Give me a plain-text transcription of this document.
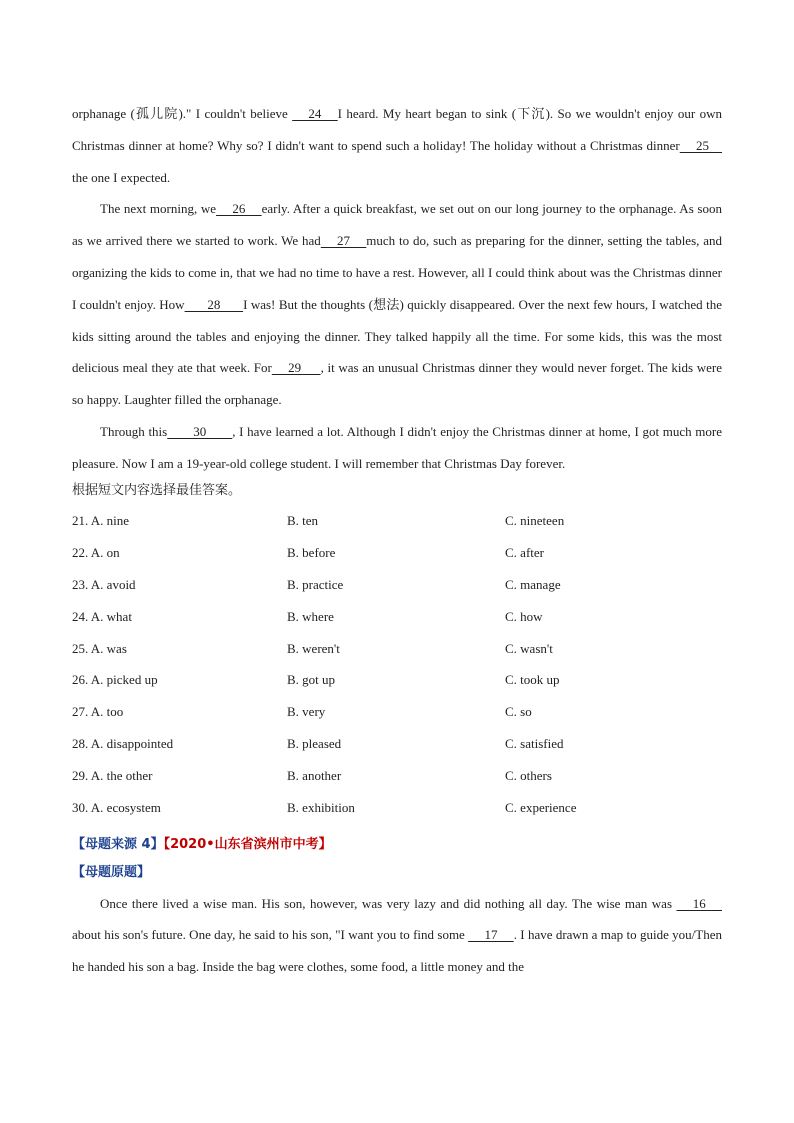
orphanage (孤儿院)." I couldn't believe      24     I heard. My heart began to sink (下沉). So we wouldn't enjoy our own Christmas dinner at home? Why so? I didn't want to spend such a holiday! The holiday without a Christmas dinner     25    the one I expected.

The next morning, we     26     early. After a quick breakfast, we set out on our long journey to the orphanage. As soon as we arrived there we started to work. We had     27     much to do, such as preparing for the dinner, setting the tables, and organizing the kids to come in, that we had no time to have a rest. However, all I could think about was the Christmas dinner I couldn't enjoy. How       28       I was! But the thoughts (想法) quickly disappeared. Over the next few hours, I watched the kids sitting around the tables and enjoying the dinner. They talked happily all the time. For some kids, this was the most delicious meal they ate that week. For     29      , it was an unusual Christmas dinner they would never forget. The kids were so happy. Laughter filled the orphanage.

Through this        30        , I have learned a lot. Although I didn't enjoy the Christmas dinner at home, I got much more pleasure. Now I am a 19-year-old college student. I will remember that Christmas Day forever.

根据短文内容选择最佳答案。

21. A. nine	B. ten	C. nineteen
22. A. on	B. before	C. after
23. A. avoid	B. practice	C. manage
24. A. what	B. where	C. how
25. A. was	B. weren't	C. wasn't
26. A. picked up	B. got up	C. took up
27. A. too	B. very	C. so
28. A. disappointed	B. pleased	C. satisfied
29. A. the other	B. another	C. others
30. A. ecosystem	B. exhibition	C. experience
【母题来源 4】【2020•山东省滨州市中考】
【母题原题】

Once there lived a wise man. His son, however, was very lazy and did nothing all day. The wise man was      16      about his son's future. One day, he said to his son, "I want you to find some      17     . I have drawn a map to guide you/Then he handed his son a bag. Inside the bag were clothes, some food, a little money and the
